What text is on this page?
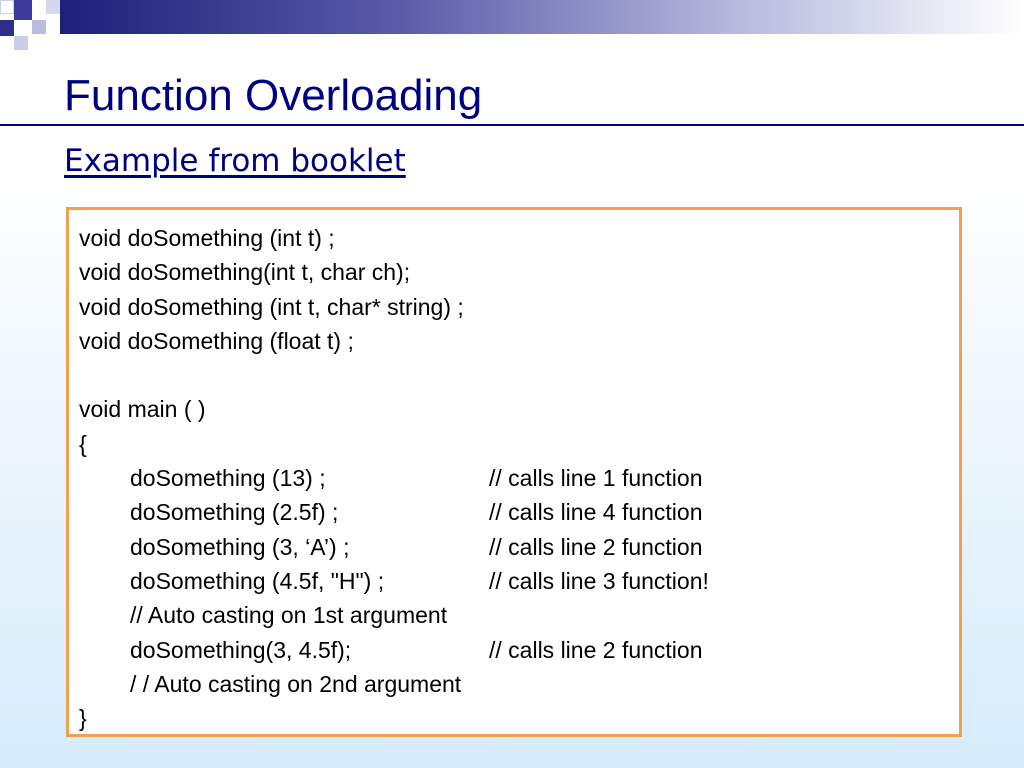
Function Overloading
Example from booklet
void doSomething (int t) ;
void doSomething(int t, char ch);
void doSomething (int t, char* string) ;
void doSomething (float t) ;
void main ( )
{
doSomething (13) ;	// calls line 1 function
doSomething (2.5f) ;	// calls line 4 function
doSomething (3, ‘A’) ;	// calls line 2 function
doSomething (4.5f, "H") ;	// calls line 3 function!
// Auto casting on 1st argument
doSomething(3, 4.5f);	// calls line 2 function
/ / Auto casting on 2nd argument
}
